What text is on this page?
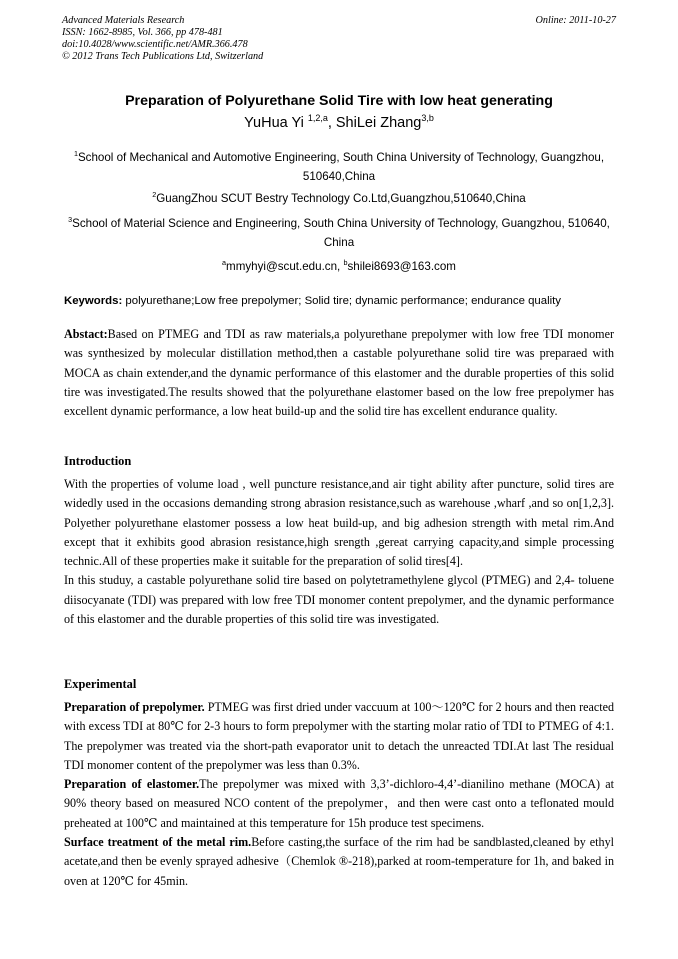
Advanced Materials Research
ISSN: 1662-8985, Vol. 366, pp 478-481
doi:10.4028/www.scientific.net/AMR.366.478
© 2012 Trans Tech Publications Ltd, Switzerland
Online: 2011-10-27
Preparation of Polyurethane Solid Tire with low heat generating
YuHua Yi $^{1,2,a}$, ShiLei Zhang$^{3,b}$
$^1$School of Mechanical and Automotive Engineering, South China University of Technology, Guangzhou, 510640,China
$^2$GuangZhou SCUT Bestry Technology Co.Ltd,Guangzhou,510640,China
$^3$School of Material Science and Engineering, South China University of Technology, Guangzhou, 510640, China
$^a$mmyhyi@scut.edu.cn, $^b$shilei8693@163.com
Keywords: polyurethane;Low free prepolymer; Solid tire; dynamic performance; endurance quality

Abstact:Based on PTMEG and TDI as raw materials,a polyurethane prepolymer with low free TDI monomer was synthesized by molecular distillation method,then a castable polyurethane solid tire was preparaed with MOCA as chain extender,and the dynamic performance of this elastomer and the durable properties of this solid tire was investigated.The results showed that the polyurethane elastomer based on the low free prepolymer has excellent dynamic performance, a low heat build-up and the solid tire has excellent endurance quality.

Introduction

With the properties of volume load , well puncture resistance,and air tight ability after puncture, solid tires are widedly used in the occasions demanding strong abrasion resistance,such as warehouse ,wharf ,and so on[1,2,3]. Polyether polyurethane elastomer possess a low heat build-up, and big adhesion strength with metal rim.And except that it exhibits good abrasion resistance,high srength ,gereat carrying capacity,and simple processing technic.All of these properties make it suitable for the preparation of solid tires[4].

In this studuy, a castable polyurethane solid tire based on polytetramethylene glycol (PTMEG) and 2,4- toluene diisocyanate (TDI) was prepared with low free TDI monomer content prepolymer, and the dynamic performance of this elastomer and the durable properties of this solid tire was investigated.

Experimental

Preparation of prepolymer. PTMEG was first dried under vaccuum at 100～120℃ for 2 hours and then reacted with excess TDI at 80℃ for 2-3 hours to form prepolymer with the starting molar ratio of TDI to PTMEG of 4:1. The prepolymer was treated via the short-path evaporator unit to detach the unreacted TDI.At last The residual TDI monomer content of the prepolymer was less than 0.3%.

Preparation of elastomer.The prepolymer was mixed with 3,3’-dichloro-4,4’-dianilino methane (MOCA) at 90% theory based on measured NCO content of the prepolymer，and then were cast onto a teflonated mould preheated at 100℃ and maintained at this temperature for 15h produce test specimens.

Surface treatment of the metal rim.Before casting,the surface of the rim had be sandblasted,cleaned by ethyl acetate,and then be evenly sprayed adhesive（Chemlok ®-218),parked at room-temperature for 1h, and baked in oven at 120℃ for 45min.
